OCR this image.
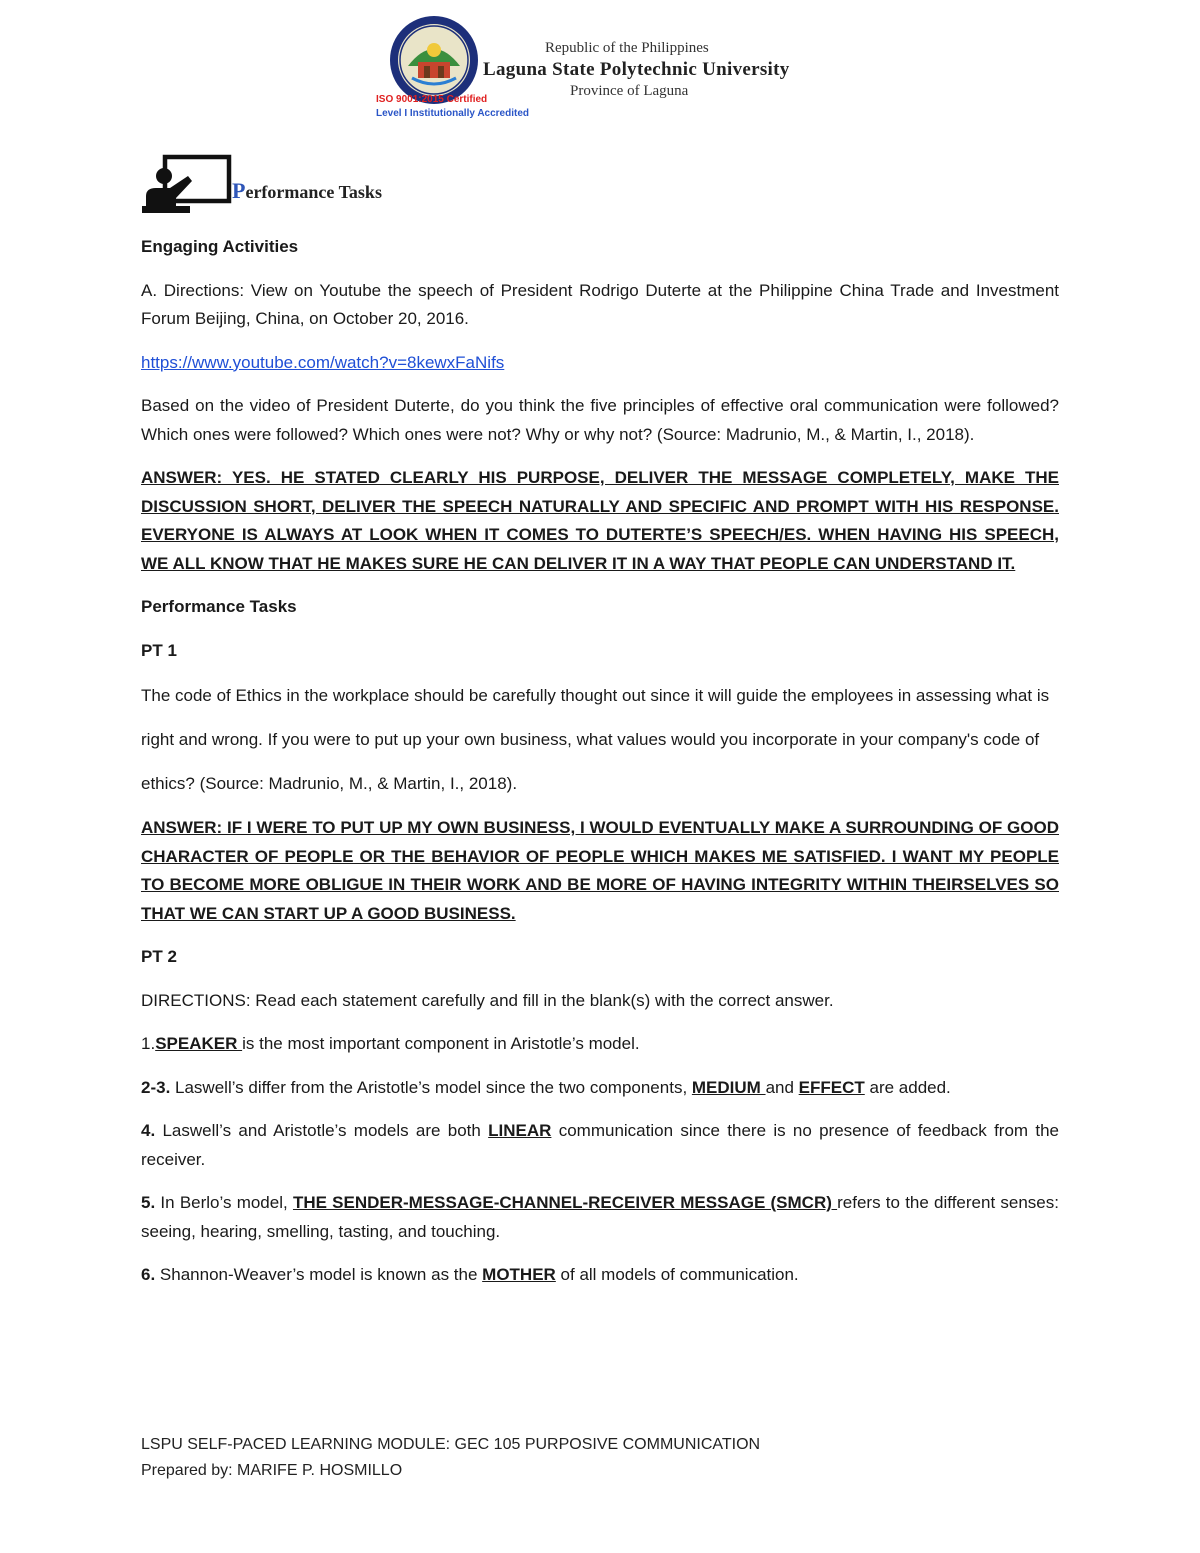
ISO 9001:2015 Certified
Level I Institutionally Accredited
Republic of the Philippines
Laguna State Polytechnic University
Province of Laguna
Performance Tasks

Engaging Activities

A. Directions: View on Youtube the speech of President Rodrigo Duterte at the Philippine China Trade and Investment Forum Beijing, China, on October 20, 2016.

https://www.youtube.com/watch?v=8kewxFaNifs

Based on the video of President Duterte, do you think the five principles of effective oral communication were followed? Which ones were followed? Which ones were not? Why or why not? (Source: Madrunio, M., & Martin, I., 2018).

ANSWER: YES. HE STATED CLEARLY HIS PURPOSE, DELIVER THE MESSAGE COMPLETELY, MAKE THE DISCUSSION SHORT, DELIVER THE SPEECH NATURALLY AND SPECIFIC AND PROMPT WITH HIS RESPONSE. EVERYONE IS ALWAYS AT LOOK WHEN IT COMES TO DUTERTE’S SPEECH/ES. WHEN HAVING HIS SPEECH, WE ALL KNOW THAT HE MAKES SURE HE CAN DELIVER IT IN A WAY THAT PEOPLE CAN UNDERSTAND IT.

Performance Tasks

PT 1

The code of Ethics in the workplace should be carefully thought out since it will guide the employees in assessing what is right and wrong. If you were to put up your own business, what values would you incorporate in your company's code of ethics? (Source: Madrunio, M., & Martin, I., 2018).

ANSWER: IF I WERE TO PUT UP MY OWN BUSINESS, I WOULD EVENTUALLY MAKE A SURROUNDING OF GOOD CHARACTER OF PEOPLE OR THE BEHAVIOR OF PEOPLE WHICH MAKES ME SATISFIED. I WANT MY PEOPLE TO BECOME MORE OBLIGUE IN THEIR WORK AND BE MORE OF HAVING INTEGRITY WITHIN THEIRSELVES SO THAT WE CAN START UP A GOOD BUSINESS.

PT 2

DIRECTIONS: Read each statement carefully and fill in the blank(s) with the correct answer.

1.SPEAKER is the most important component in Aristotle’s model.

2-3. Laswell’s differ from the Aristotle’s model since the two components, MEDIUM and EFFECT are added.

4. Laswell’s and Aristotle’s models are both LINEAR communication since there is no presence of feedback from the receiver.

5. In Berlo’s model, THE SENDER-MESSAGE-CHANNEL-RECEIVER MESSAGE (SMCR) refers to the different senses: seeing, hearing, smelling, tasting, and touching.

6. Shannon-Weaver’s model is known as the MOTHER of all models of communication.

LSPU SELF-PACED LEARNING MODULE: GEC 105 PURPOSIVE COMMUNICATION
Prepared by: MARIFE P. HOSMILLO
